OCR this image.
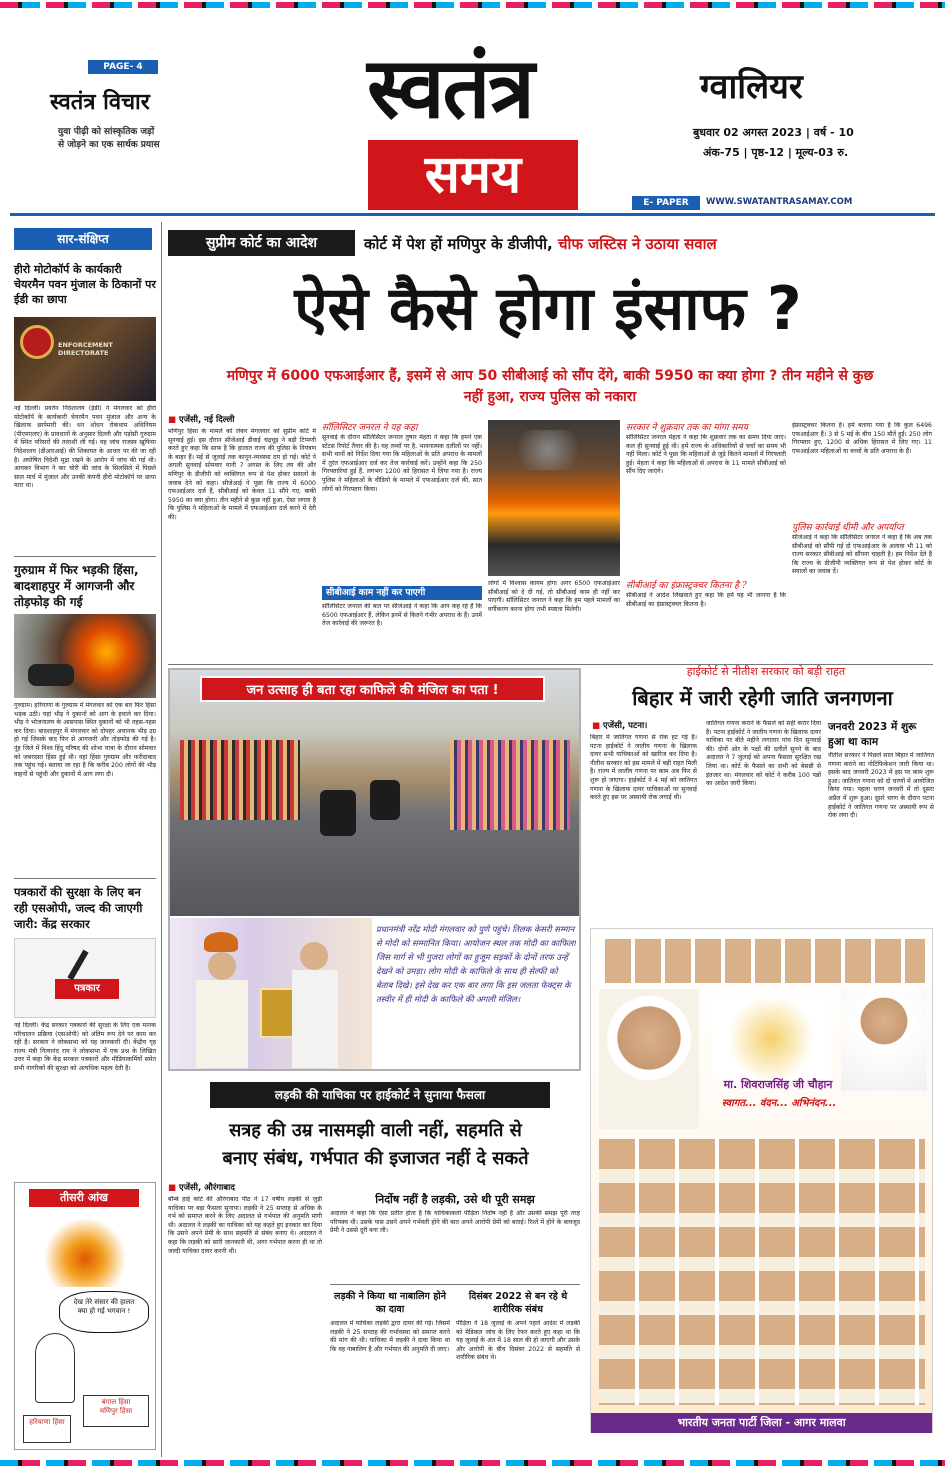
PAGE- 4
स्वतंत्र विचार
युवा पीढ़ी को सांस्कृतिक जड़ों
से जोड़ने का एक सार्थक प्रयास
स्वतंत्र
समय
ग्वालियर
बुधवार 02 अगस्त 2023 | वर्ष - 10
अंक-75 | पृष्ठ-12 | मूल्य-03 रु.
E- PAPER	WWW.SWATANTRASAMAY.COM
सार-संक्षिप्त
हीरो मोटोकॉर्प के कार्यकारी चेयरमैन पवन मुंजाल के ठिकानों पर ईडी का छापा
ENFORCEMENT DIRECTORATE
नई दिल्ली। प्रवर्तन निदेशालय (ईडी) ने मंगलवार को हीरो मोटोकॉर्प के कार्यकारी चेयरमैन पवन मुंजाल और अन्य के खिलाफ छापेमारी की। धन शोधन रोकथाम अधिनियम (पीएमएलए) के प्रावधानों के अनुसार दिल्ली और पड़ोसी गुरुग्राम में स्थित परिसरों की तलाशी ली गई। यह जांच राजस्व खुफिया निदेशालय (डीआरआई) की शिकायत के आधार पर की जा रही है। अघोषित विदेशी मुद्रा रखने के आरोप में जांच की गई थी। आयकर विभाग ने कर चोरी की जांच के सिलसिले में पिछले साल मार्च में मुंजाल और उनकी कंपनी हीरो मोटोकॉर्प पर छापा मारा था।
गुरुग्राम में फिर भड़की हिंसा, बादशाहपुर में आगजनी और तोड़फोड़ की गई
गुरुग्राम। हरियाणा के गुरुग्राम में मंगलवार को एक बार फिर हिंसा भड़क उठी। यहां भीड़ ने दुकानों को आग के हवाले कर दिया। भीड़ ने भोजनालय के आसपास स्थित दुकानों को भी तहस-नहस कर दिया। बादशाहपुर में मंगलवार को दोपहर अचानक भीड़ उग्र हो गई जिसके बाद फिर से आगजनी और तोड़फोड़ की गई है। नूंह जिले में विश्व हिंदू परिषद की शोभा यात्रा के दौरान सोमवार को जबरदस्त हिंसा हुई थी। यहां हिंसा गुरुग्राम और फरीदाबाद तक पहुंच गई। बताया जा रहा है कि करीब 200 लोगों की भीड़ वाहनों से पहुंची और दुकानों में आग लगा दी।
पत्रकारों की सुरक्षा के लिए बन रही एसओपी, जल्द की जाएगी जारी: केंद्र सरकार
पत्रकार
नई दिल्ली। केंद्र सरकार पत्रकारों की सुरक्षा के लिए एक मानक परिचालन प्रक्रिया (एसओपी) को अंतिम रूप देने पर काम कर रही है। सरकार ने लोकसभा को यह जानकारी दी। केंद्रीय गृह राज्य मंत्री नित्यानंद राय ने लोकसभा में एक प्रश्न के लिखित उत्तर में कहा कि केंद्र सरकार पत्रकारों और मीडियाकर्मियों समेत सभी नागरिकों की सुरक्षा को अत्यधिक महत्व देती है।
तीसरी आंख
देख तेरे संसार की हालत क्या हो गई भगवान !
बंगाल हिंसा
मणिपुर हिंसा
हरियाणा हिंसा
सुप्रीम कोर्ट का आदेश	कोर्ट में पेश हों मणिपुर के डीजीपी, चीफ जस्टिस ने उठाया सवाल
ऐसे कैसे होगा इंसाफ ?
मणिपुर में 6000 एफआईआर हैं, इसमें से आप 50 सीबीआई को सौंप देंगे, बाकी 5950 का क्या होगा ? तीन महीने से कुछ नहीं हुआ, राज्य पुलिस को नकारा
■ एजेंसी, नई दिल्ली
मणिपुर हिंसा के मामले को लेकर मंगलवार को सुप्रीम कोर्ट में सुनवाई हुई। इस दौरान सीजेआई डीवाई चंद्रचूड़ ने बड़ी टिप्पणी करते हुए कहा कि साफ है कि हालात राज्य की पुलिस के नियंत्रण के बाहर हैं। मई से जुलाई तक कानून-व्यवस्था ठप हो गई। कोर्ट ने अगली सुनवाई सोमवार यानी 7 अगस्त के लिए तय की और मणिपुर के डीजीपी को व्यक्तिगत रूप से पेश होकर सवालों के जवाब देने को कहा। सीजेआई ने पूछा कि राज्य में 6000 एफआईआर दर्ज हैं, सीबीआई को केवल 11 सौंपे गए, बाकी 5950 का क्या होगा। तीन महीने से कुछ नहीं हुआ, ऐसा लगता है कि पुलिस ने महिलाओं के मामले में एफआईआर दर्ज करने में देरी की।
सॉलिसिटर जनरल ने यह कहा
सुनवाई के दौरान सॉलिसिटर जनरल तुषार मेहता ने कहा कि हमने एक स्टेटस रिपोर्ट तैयार की है। यह तथ्यों पर है, भावनात्मक दलीलों पर नहीं। सभी थानों को निर्देश दिया गया कि महिलाओं के प्रति अपराध के मामलों में तुरंत एफआईआर दर्ज कर तेज कार्रवाई करें। उन्होंने कहा कि 250 गिरफ्तारियां हुई हैं, लगभग 1200 को हिरासत में लिया गया है। राज्य पुलिस ने महिलाओं के वीडियो के मामले में एफआईआर दर्ज की, सात लोगों को गिरफ्तार किया।
सीबीआई काम नहीं कर पाएगी
सॉलिसिटर जनरल की बात पर सीजेआई ने कहा कि आप कह रहे हैं कि 6500 एफआईआर हैं, लेकिन इनमें से कितने गंभीर अपराध के हैं। उनमें तेज कार्रवाई की जरूरत है।
लोगों में विश्वास कायम होगा अगर 6500 एफआईआर सीबीआई को दे दी गई, तो सीबीआई काम ही नहीं कर पाएगी। सॉलिसिटर जनरल ने कहा कि हम पहले मामलों का वर्गीकरण करना होगा तभी स्पष्टता मिलेगी।
सरकार ने शुक्रवार तक का मांगा समय
सॉलिसिटर जनरल मेहता ने कहा कि शुक्रवार तक का समय दिया जाए। कल ही सुनवाई हुई थी। हमें राज्य के अधिकारियों से चर्चा का समय भी नहीं मिला। कोर्ट ने पूछा कि महिलाओं से जुड़े कितने मामलों में गिरफ्तारी हुई। मेहता ने कहा कि महिलाओं से अपराध के 11 मामले सीबीआई को सौंप दिए जाएंगे।
सीबीआई का इंफ्रास्ट्रक्चर कितना है ?
सीबीआई ने आदेश लिखवाते हुए कहा कि हमें यह भी जानना है कि सीबीआई का इंफ्रास्ट्रक्चर कितना है।
इंफ्रास्ट्रक्चर कितना है। हमें बताया गया है कि कुल 6496 एफआईआर हैं। 3 से 5 मई के बीच 150 मौतें हुईं। 250 लोग गिरफ्तार हुए, 1200 से अधिक हिरासत में लिए गए। 11 एफआईआर महिलाओं या बच्चों के प्रति अपराध के हैं।
पुलिस कार्रवाई धीमी और अपर्याप्त
सीजेआई ने कहा कि सॉलिसिटर जनरल ने कहा है कि अब तक सीबीआई को सौंपी गई दो एफआईआर के अलावा भी 11 को राज्य सरकार सीबीआई को सौंपना चाहती है। हम निर्देश देते हैं कि राज्य के डीजीपी व्यक्तिगत रूप से पेश होकर कोर्ट के सवालों का जवाब दें।
जन उत्साह ही बता रहा काफिले की मंजिल का पता !
प्रधानमंत्री नरेंद्र मोदी मंगलवार को पुणे पहुंचे। तिलक केसरी सम्मान से मोदी को सम्मानित किया। आयोजन स्थल तक मोदी का काफिला जिस मार्ग से भी गुजरा लोगों का हुजूम सड़कों के दोनों तरफ उन्हें देखने को उमड़ा। लोग मोदी के काफिले के साथ ही सेल्फी को बेताब दिखे। इसे देख कर एक बार लगा कि इस जलता फेक्ट्स के तस्वीर में ही मोदी के काफिले की अगली मंजिल।
हाईकोर्ट से नीतीश सरकार को बड़ी राहत
बिहार में जारी रहेगी जाति जनगणना
■ एजेंसी, पटना।
बिहार में जातिगत गणना से रोक हट गई है। पटना हाईकोर्ट ने जातीय गणना के खिलाफ दायर सभी याचिकाओं को खारिज कर दिया है। नीतीश सरकार को इस मामले में बड़ी राहत मिली है। राज्य में जातीय गणना पर काम अब फिर से शुरू हो जाएगा। हाईकोर्ट ने 4 मई को जातिगत गणना के खिलाफ दायर याचिकाओं पर सुनवाई करते हुए इस पर अस्थायी रोक लगाई थी।
जातिगत गणना कराने के फैसले को सही करार दिया है। पटना हाईकोर्ट ने जातीय गणना के खिलाफ दायर याचिका पर बीते महीने लगातार पांच दिन सुनवाई की। दोनों ओर के पक्षों की दलीलें सुनने के बाद अदालत ने 7 जुलाई को अपना फैसला सुरक्षित रख लिया था। कोर्ट के फैसले का सभी को बेसब्री से इंतजार था। मंगलवार को कोर्ट ने करीब 100 पन्नों का आदेश जारी किया।
जनवरी 2023 में शुरू हुआ था काम
नीतीश सरकार ने पिछले साल बिहार में जातिगत गणना कराने का नोटिफिकेशन जारी किया था। इसके बाद जनवरी 2023 में इस पर काम शुरू हुआ। जातिगत गणना को दो चरणों में आयोजित किया गया। पहला चरण जनवरी में तो दूसरा अप्रैल में शुरू हुआ। दूसरे चरण के दौरान पटना हाईकोर्ट ने जातिगत गणना पर अस्थायी रूप से रोक लगा दी।
मा. शिवराजसिंह जी चौहान
स्वागत... वंदन... अभिनंदन...
भारतीय जनता पार्टी जिला - आगर मालवा
लड़की की याचिका पर हाईकोर्ट ने सुनाया फैसला
सत्रह की उम्र नासमझी वाली नहीं, सहमति से
बनाए संबंध, गर्भपात की इजाजत नहीं दे सकते
■ एजेंसी, औरंगाबाद
बॉम्बे हाई कोर्ट की औरंगाबाद पीठ ने 17 वर्षीय लड़की से जुड़ी याचिका पर बड़ा फैसला सुनाया। लड़की ने 25 सप्ताह से अधिक के गर्भ को समाप्त करने के लिए अदालत से गर्भपात की अनुमति मांगी थी। अदालत ने लड़की का याचिका को यह कहते हुए इनकार कर दिया कि उसने अपने प्रेमी के साथ सहमति से संबंध बनाए थे। अदालत ने कहा कि लड़की को सारी जानकारी थी, अगर गर्भपात करना ही था तो जल्दी याचिका दायर करनी थी।
निर्दोष नहीं है लड़की, उसे थी पूरी समझ
अदालत ने कहा कि ऐसा प्रतीत होता है कि याचिकाकर्ता पीड़िता निर्दोष नहीं है और उसकी समझ पूरी तरह परिपक्व थी। उसके पास उसने अपने गर्भवती होने की बात अपने आरोपी प्रेमी को बताई। रिश्ते में होने के बावजूद प्रेमी ने उससे दूरी बना ली।
लड़की ने किया था नाबालिग होने का दावा
अदालत में याचिका लड़की द्वारा दायर की गई। जिसमें लड़की ने 25 सप्ताह की गर्भावस्था को समाप्त करने की मांग की थी। याचिका में लड़की ने दावा किया था कि वह नाबालिग है और गर्भपात की अनुमति दी जाए।
दिसंबर 2022 से बन रहे थे शारीरिक संबंध
पीड़िता ने 18 जुलाई के अपने पहले आदेश में लड़की को मेडिकल जांच के लिए रेफर करते हुए कहा था कि यह जुलाई के अंत में 18 साल की हो जाएगी और उसके और आरोपी के बीच दिसंबर 2022 से सहमति से शारीरिक संबंध थे।
